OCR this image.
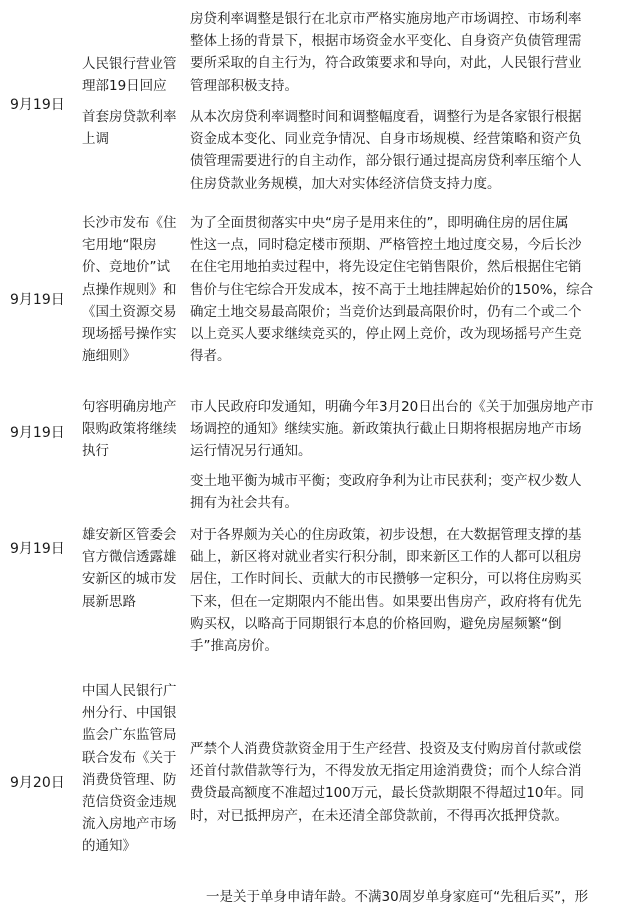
9月19日
人民银行营业管
理部19日回应
房贷利率调整是银行在北京市严格实施房地产市场调控、市场利率
整体上扬的背景下，根据市场资金水平变化、自身资产负债管理需
要所采取的自主行为，符合政策要求和导向，对此，人民银行营业
管理部积极支持。
首套房贷款利率
上调
从本次房贷利率调整时间和调整幅度看，调整行为是各家银行根据
资金成本变化、同业竞争情况、自身市场规模、经营策略和资产负
债管理需要进行的自主动作，部分银行通过提高房贷利率压缩个人
住房贷款业务规模，加大对实体经济信贷支持力度。
9月19日
长沙市发布《住
宅用地“限房
价、竞地价”试
点操作规则》和
《国土资源交易
现场摇号操作实
施细则》
为了全面贯彻落实中央“房子是用来住的”，即明确住房的居住属
性这一点，同时稳定楼市预期、严格管控土地过度交易，今后长沙
在住宅用地拍卖过程中，将先设定住宅销售限价，然后根据住宅销
售价与住宅综合开发成本，按不高于土地挂牌起始价的150%，综合
确定土地交易最高限价；当竞价达到最高限价时，仍有二个或二个
以上竞买人要求继续竞买的，停止网上竞价，改为现场摇号产生竞
得者。
9月19日
句容明确房地产
限购政策将继续
执行
市人民政府印发通知，明确今年3月20日出台的《关于加强房地产市
场调控的通知》继续实施。新政策执行截止日期将根据房地产市场
运行情况另行通知。
变土地平衡为城市平衡；变政府争利为让市民获利；变产权少数人
拥有为社会共有。
9月19日
雄安新区管委会
官方微信透露雄
安新区的城市发
展新思路
对于各界颇为关心的住房政策，初步设想，在大数据管理支撑的基
础上，新区将对就业者实行积分制，即来新区工作的人都可以租房
居住，工作时间长、贡献大的市民攒够一定积分，可以将住房购买
下来，但在一定期限内不能出售。如果要出售房产，政府将有优先
购买权，以略高于同期银行本息的价格回购，避免房屋频繁“倒
手”推高房价。
9月20日
中国人民银行广
州分行、中国银
监会广东监管局
联合发布《关于
消费贷管理、防
范信贷资金违规
流入房地产市场
的通知》
严禁个人消费贷款资金用于生产经营、投资及支付购房首付款或偿
还首付款借款等行为，不得发放无指定用途消费贷；而个人综合消
费贷最高额度不准超过100万元，最长贷款期限不得超过10年。同
时，对已抵押房产，在未还清全部贷款前，不得再次抵押贷款。
一是关于单身申请年龄。不满30周岁单身家庭可“先租后买”，形
